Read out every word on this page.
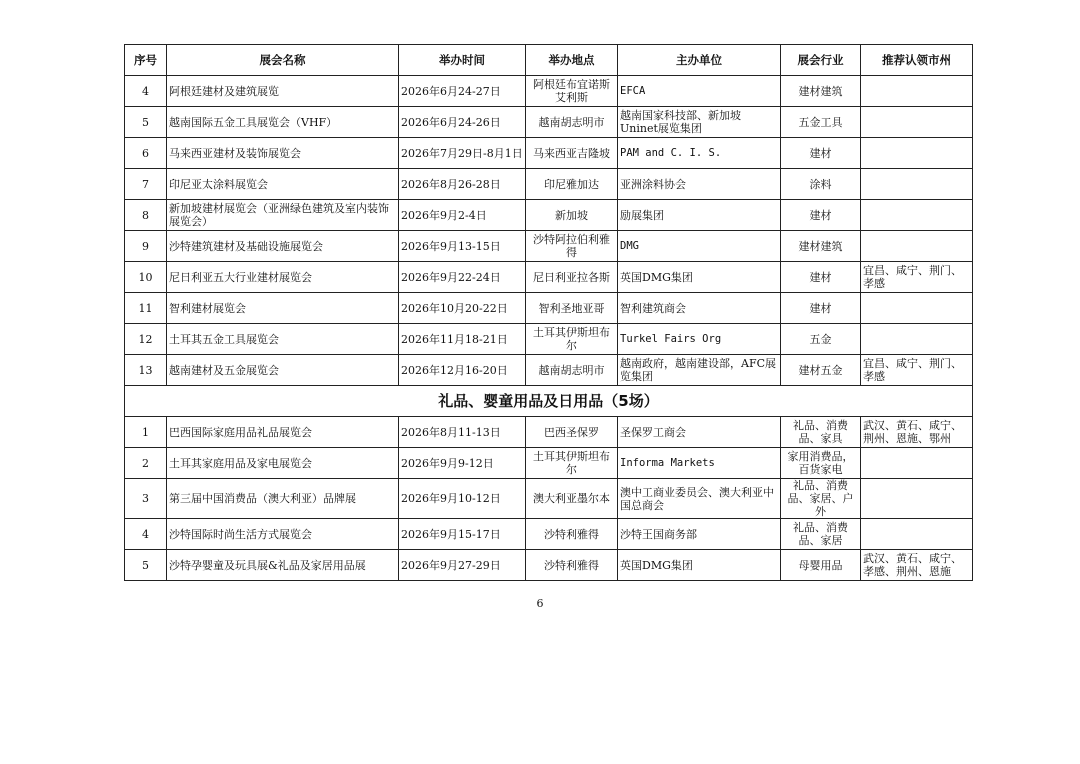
序号	展会名称	举办时间	举办地点	主办单位	展会行业	推荐认领市州
4	阿根廷建材及建筑展览	2026年6月24-27日	阿根廷布宜诺斯艾利斯	EFCA	建材建筑	
5	越南国际五金工具展览会（VHF）	2026年6月24-26日	越南胡志明市	越南国家科技部、新加坡Uninet展览集团	五金工具	
6	马来西亚建材及装饰展览会	2026年7月29日-8月1日	马来西亚吉隆坡	PAM and C. I. S.	建材	
7	印尼亚太涂料展览会	2026年8月26-28日	印尼雅加达	亚洲涂料协会	涂料	
8	新加坡建材展览会（亚洲绿色建筑及室内装饰展览会）	2026年9月2-4日	新加坡	励展集团	建材	
9	沙特建筑建材及基础设施展览会	2026年9月13-15日	沙特阿拉伯利雅得	DMG	建材建筑	
10	尼日利亚五大行业建材展览会	2026年9月22-24日	尼日利亚拉各斯	英国DMG集团	建材	宜昌、咸宁、荆门、孝感
11	智利建材展览会	2026年10月20-22日	智利圣地亚哥	智利建筑商会	建材	
12	土耳其五金工具展览会	2026年11月18-21日	土耳其伊斯坦布尔	Turkel Fairs Org	五金	
13	越南建材及五金展览会	2026年12月16-20日	越南胡志明市	越南政府，越南建设部，AFC展览集团	建材五金	宜昌、咸宁、荆门、孝感
礼品、婴童用品及日用品（5场）						
1	巴西国际家庭用品礼品展览会	2026年8月11-13日	巴西圣保罗	圣保罗工商会	礼品、消费品、家具	武汉、黄石、咸宁、荆州、恩施、鄂州
2	土耳其家庭用品及家电展览会	2026年9月9-12日	土耳其伊斯坦布尔	Informa Markets	家用消费品，百货家电	
3	第三届中国消费品（澳大利亚）品牌展	2026年9月10-12日	澳大利亚墨尔本	澳中工商业委员会、澳大利亚中国总商会	礼品、消费品、家居、户外	
4	沙特国际时尚生活方式展览会	2026年9月15-17日	沙特利雅得	沙特王国商务部	礼品、消费品、家居	
5	沙特孕婴童及玩具展&礼品及家居用品展	2026年9月27-29日	沙特利雅得	英国DMG集团	母婴用品	武汉、黄石、咸宁、孝感、荆州、恩施
6
